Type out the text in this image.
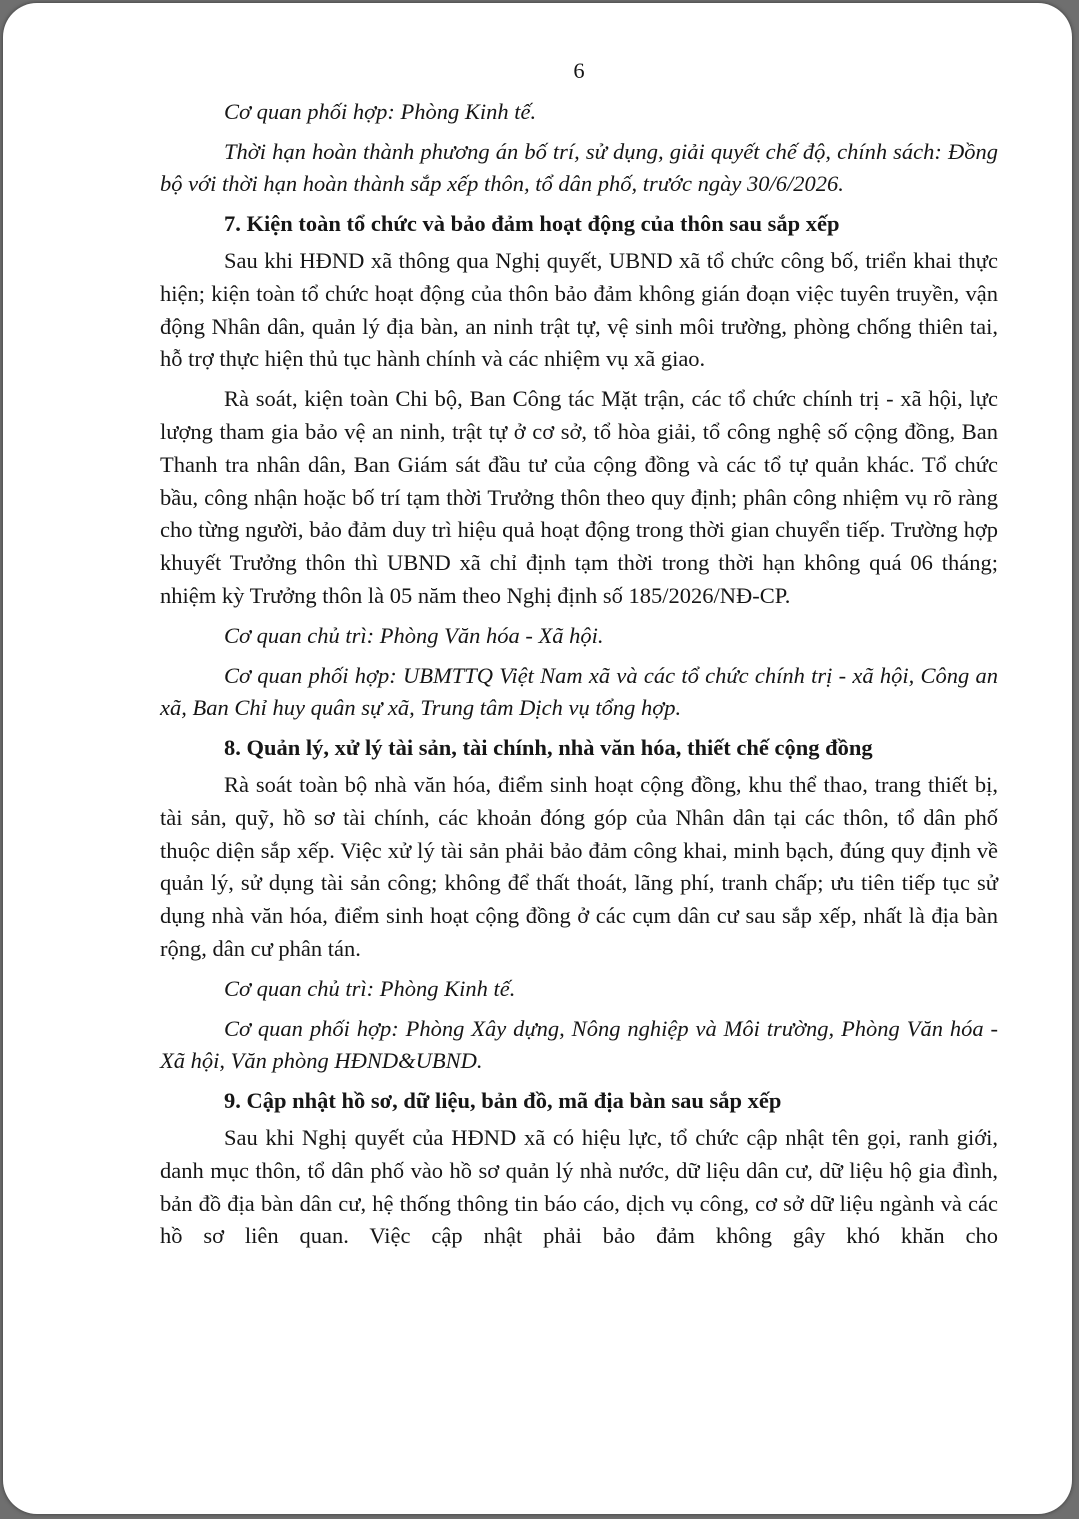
6

Cơ quan phối hợp: Phòng Kinh tế.

Thời hạn hoàn thành phương án bố trí, sử dụng, giải quyết chế độ, chính sách: Đồng bộ với thời hạn hoàn thành sắp xếp thôn, tổ dân phố, trước ngày 30/6/2026.

7. Kiện toàn tổ chức và bảo đảm hoạt động của thôn sau sắp xếp

Sau khi HĐND xã thông qua Nghị quyết, UBND xã tổ chức công bố, triển khai thực hiện; kiện toàn tổ chức hoạt động của thôn bảo đảm không gián đoạn việc tuyên truyền, vận động Nhân dân, quản lý địa bàn, an ninh trật tự, vệ sinh môi trường, phòng chống thiên tai, hỗ trợ thực hiện thủ tục hành chính và các nhiệm vụ xã giao.

Rà soát, kiện toàn Chi bộ, Ban Công tác Mặt trận, các tổ chức chính trị - xã hội, lực lượng tham gia bảo vệ an ninh, trật tự ở cơ sở, tổ hòa giải, tổ công nghệ số cộng đồng, Ban Thanh tra nhân dân, Ban Giám sát đầu tư của cộng đồng và các tổ tự quản khác. Tổ chức bầu, công nhận hoặc bố trí tạm thời Trưởng thôn theo quy định; phân công nhiệm vụ rõ ràng cho từng người, bảo đảm duy trì hiệu quả hoạt động trong thời gian chuyển tiếp. Trường hợp khuyết Trưởng thôn thì UBND xã chỉ định tạm thời trong thời hạn không quá 06 tháng; nhiệm kỳ Trưởng thôn là 05 năm theo Nghị định số 185/2026/NĐ-CP.

Cơ quan chủ trì: Phòng Văn hóa - Xã hội.

Cơ quan phối hợp: UBMTTQ Việt Nam xã và các tổ chức chính trị - xã hội, Công an xã, Ban Chỉ huy quân sự xã, Trung tâm Dịch vụ tổng hợp.

8. Quản lý, xử lý tài sản, tài chính, nhà văn hóa, thiết chế cộng đồng

Rà soát toàn bộ nhà văn hóa, điểm sinh hoạt cộng đồng, khu thể thao, trang thiết bị, tài sản, quỹ, hồ sơ tài chính, các khoản đóng góp của Nhân dân tại các thôn, tổ dân phố thuộc diện sắp xếp. Việc xử lý tài sản phải bảo đảm công khai, minh bạch, đúng quy định về quản lý, sử dụng tài sản công; không để thất thoát, lãng phí, tranh chấp; ưu tiên tiếp tục sử dụng nhà văn hóa, điểm sinh hoạt cộng đồng ở các cụm dân cư sau sắp xếp, nhất là địa bàn rộng, dân cư phân tán.

Cơ quan chủ trì: Phòng Kinh tế.

Cơ quan phối hợp: Phòng Xây dựng, Nông nghiệp và Môi trường, Phòng Văn hóa - Xã hội, Văn phòng HĐND&UBND.

9. Cập nhật hồ sơ, dữ liệu, bản đồ, mã địa bàn sau sắp xếp

Sau khi Nghị quyết của HĐND xã có hiệu lực, tổ chức cập nhật tên gọi, ranh giới, danh mục thôn, tổ dân phố vào hồ sơ quản lý nhà nước, dữ liệu dân cư, dữ liệu hộ gia đình, bản đồ địa bàn dân cư, hệ thống thông tin báo cáo, dịch vụ công, cơ sở dữ liệu ngành và các hồ sơ liên quan. Việc cập nhật phải bảo đảm không gây khó khăn cho
